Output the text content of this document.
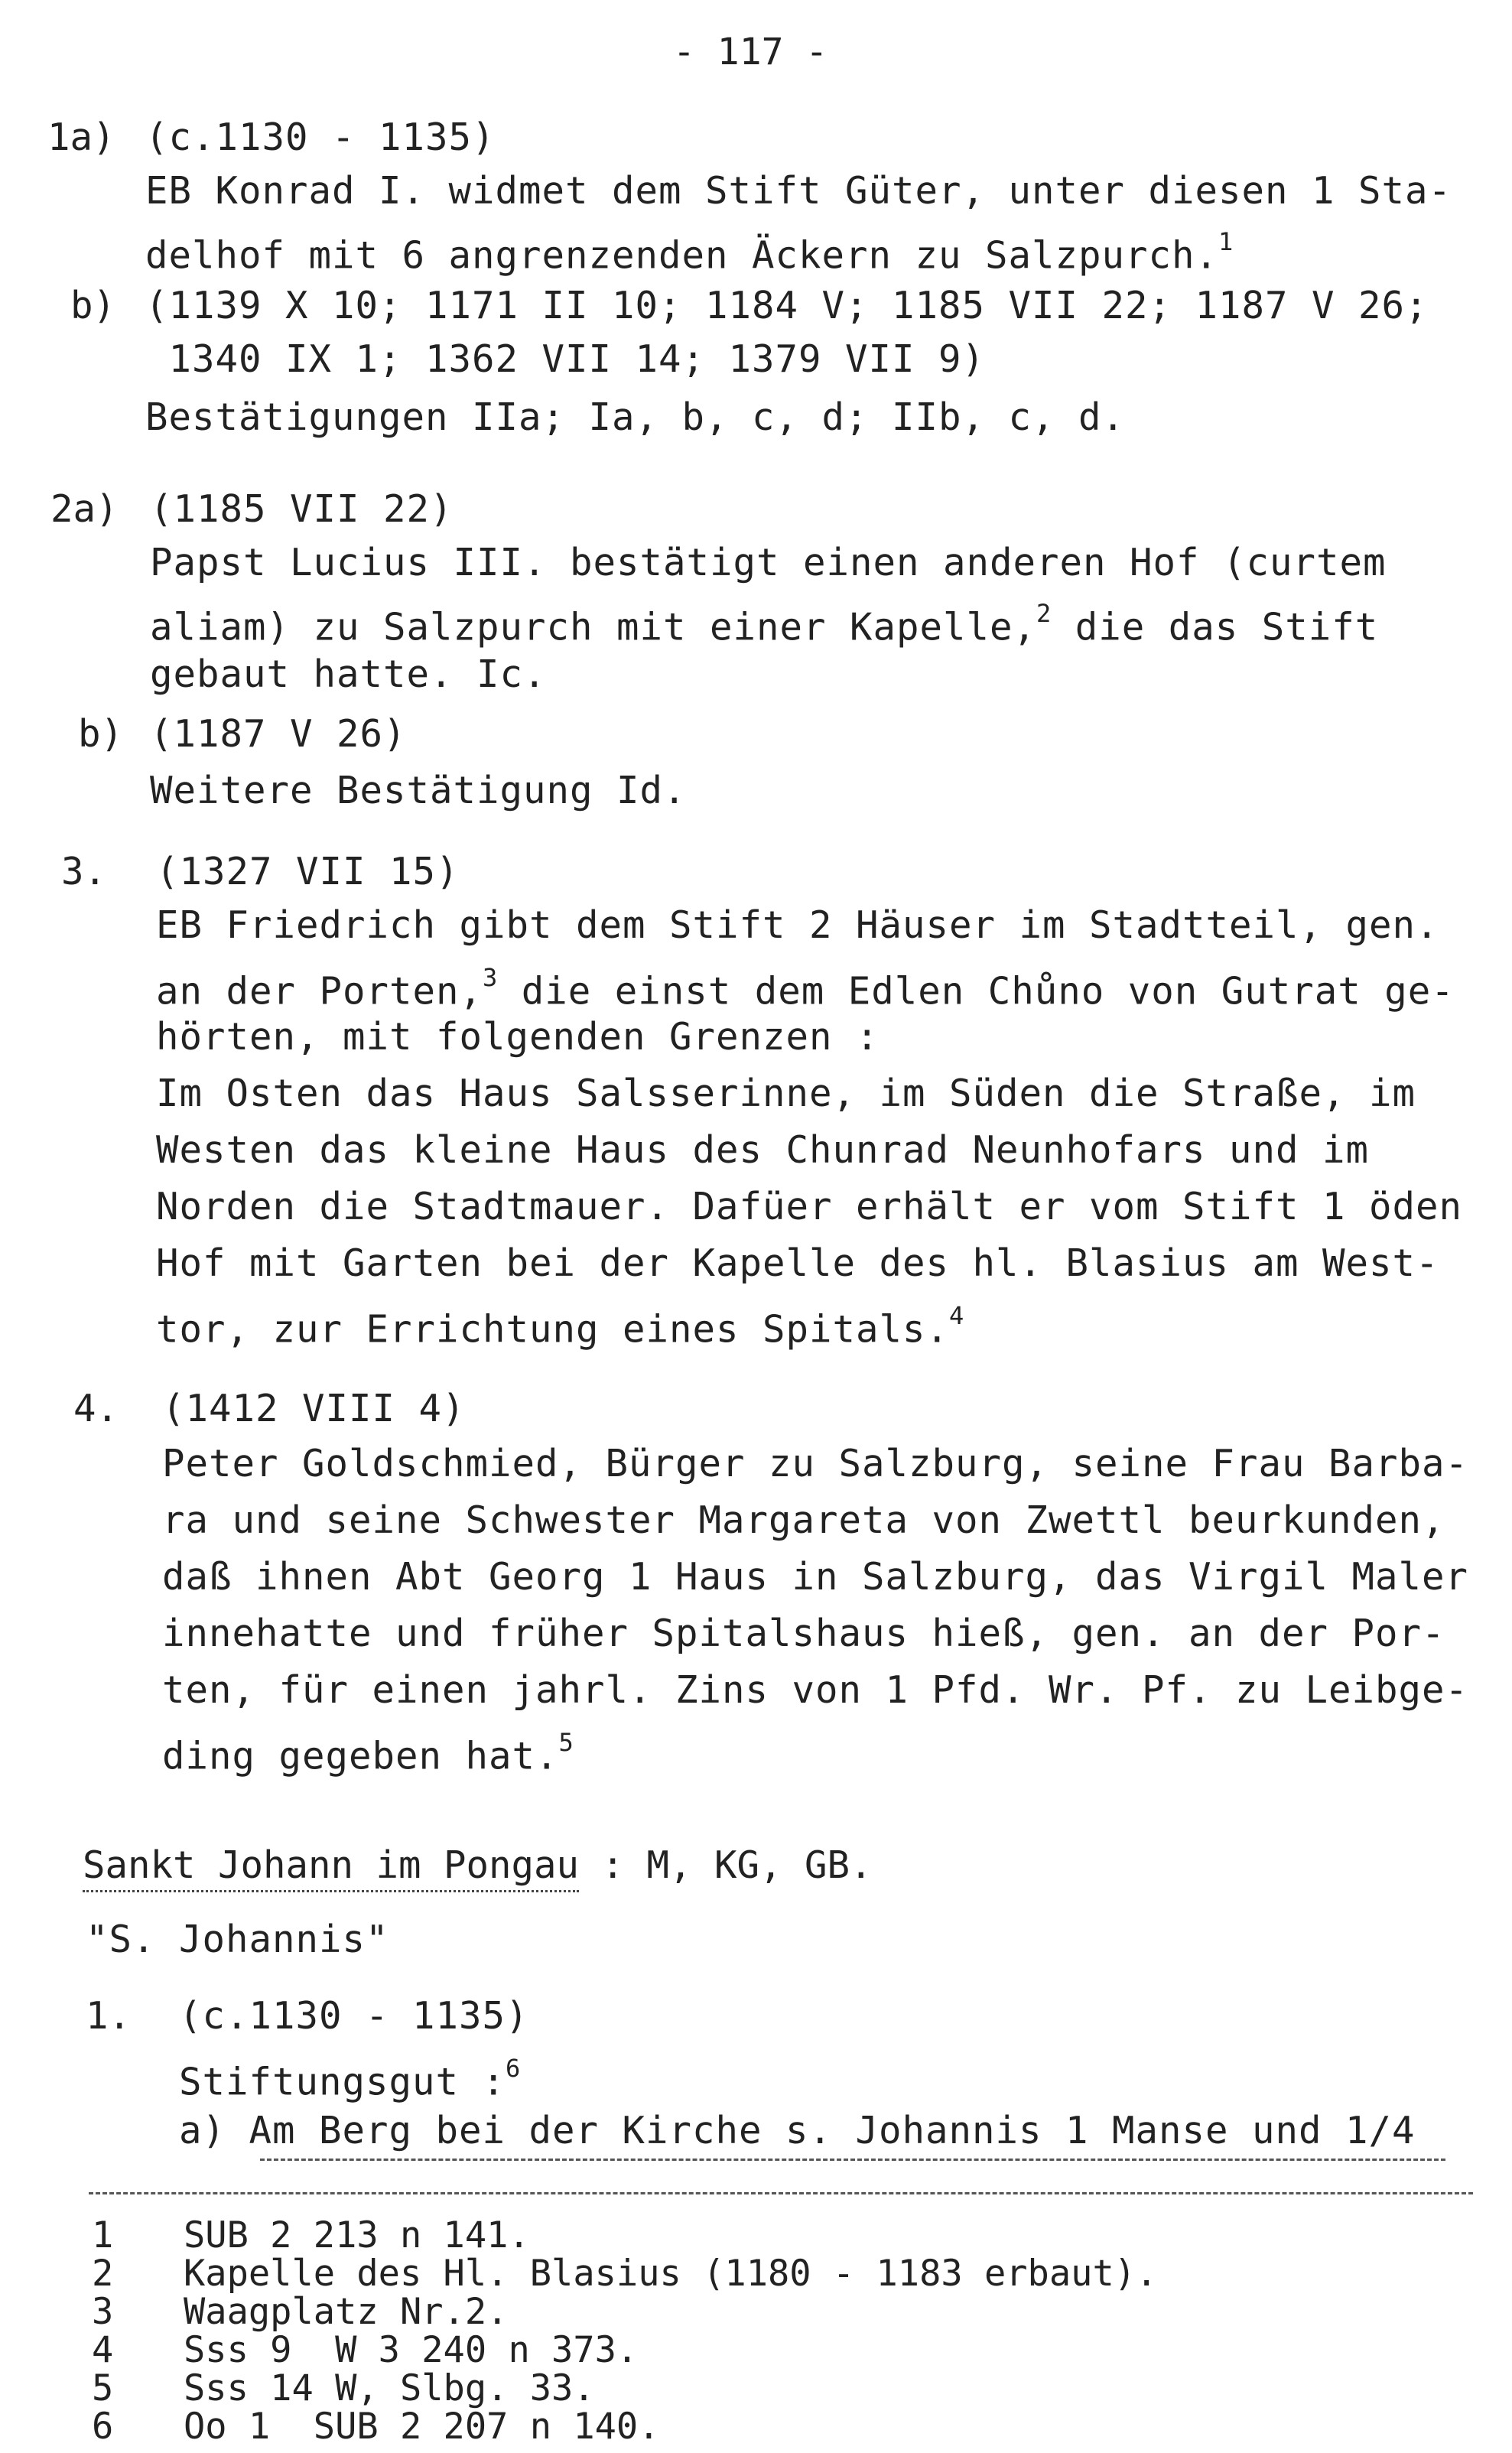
- 117 -
1a) (c.1130 - 1135)
EB Konrad I. widmet dem Stift Güter, unter diesen 1 Sta-
delhof mit 6 angrenzenden Äckern zu Salzpurch.$^1$
b) (1139 X 10; 1171 II 10; 1184 V; 1185 VII 22; 1187 V 26;
1340 IX 1; 1362 VII 14; 1379 VII 9)
Bestätigungen IIa; Ia, b, c, d; IIb, c, d.
2a) (1185 VII 22)
Papst Lucius III. bestätigt einen anderen Hof (curtem
aliam) zu Salzpurch mit einer Kapelle,$^2$ die das Stift
gebaut hatte. Ic.
b) (1187 V 26)
Weitere Bestätigung Id.
3. (1327 VII 15)
EB Friedrich gibt dem Stift 2 Häuser im Stadtteil, gen.
an der Porten,$^3$ die einst dem Edlen Chůno von Gutrat ge-
hörten, mit folgenden Grenzen :
Im Osten das Haus Salsserinne, im Süden die Straße, im
Westen das kleine Haus des Chunrad Neunhofars und im
Norden die Stadtmauer. Dafüer erhält er vom Stift 1 öden
Hof mit Garten bei der Kapelle des hl. Blasius am West-
tor, zur Errichtung eines Spitals.$^4$
4. (1412 VIII 4)
Peter Goldschmied, Bürger zu Salzburg, seine Frau Barba-
ra und seine Schwester Margareta von Zwettl beurkunden,
daß ihnen Abt Georg 1 Haus in Salzburg, das Virgil Maler
innehatte und früher Spitalshaus hieß, gen. an der Por-
ten, für einen jahrl. Zins von 1 Pfd. Wr. Pf. zu Leibge-
ding gegeben hat.$^5$
Sankt Johann im Pongau : M, KG, GB.
"S. Johannis"
1. (c.1130 - 1135)
Stiftungsgut :$^6$
a) Am Berg bei der Kirche s. Johannis 1 Manse und 1/4
1 SUB 2 213 n 141.
2 Kapelle des Hl. Blasius (1180 - 1183 erbaut).
3 Waagplatz Nr.2.
4 Sss 9  W 3 240 n 373.
5 Sss 14 W, Slbg. 33.
6 Oo 1  SUB 2 207 n 140.
